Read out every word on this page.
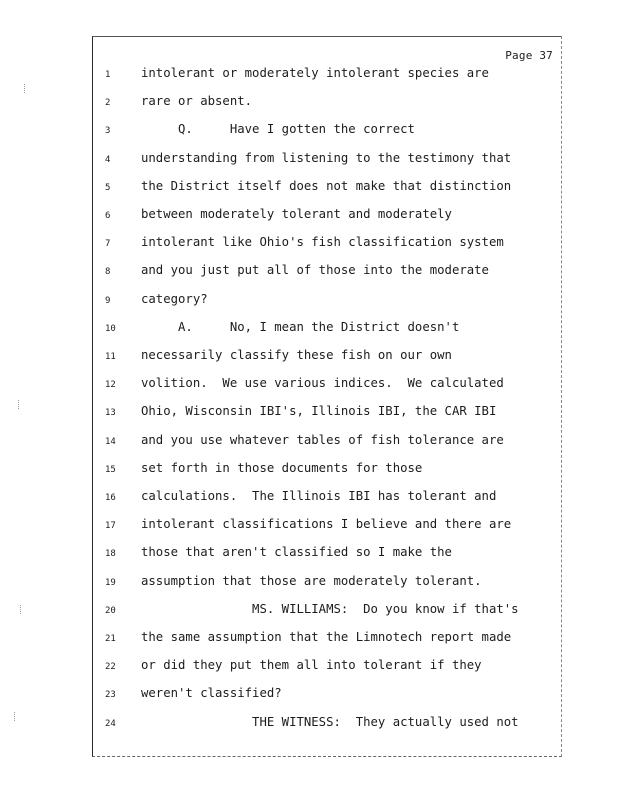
Page 37
1	intolerant or moderately intolerant species are
2	rare or absent.
3	Q.     Have I gotten the correct
4	understanding from listening to the testimony that
5	the District itself does not make that distinction
6	between moderately tolerant and moderately
7	intolerant like Ohio's fish classification system
8	and you just put all of those into the moderate
9	category?
10	A.     No, I mean the District doesn't
11	necessarily classify these fish on our own
12	volition.  We use various indices.  We calculated
13	Ohio, Wisconsin IBI's, Illinois IBI, the CAR IBI
14	and you use whatever tables of fish tolerance are
15	set forth in those documents for those
16	calculations.  The Illinois IBI has tolerant and
17	intolerant classifications I believe and there are
18	those that aren't classified so I make the
19	assumption that those are moderately tolerant.
20	MS. WILLIAMS:  Do you know if that's
21	the same assumption that the Limnotech report made
22	or did they put them all into tolerant if they
23	weren't classified?
24	THE WITNESS:  They actually used not
